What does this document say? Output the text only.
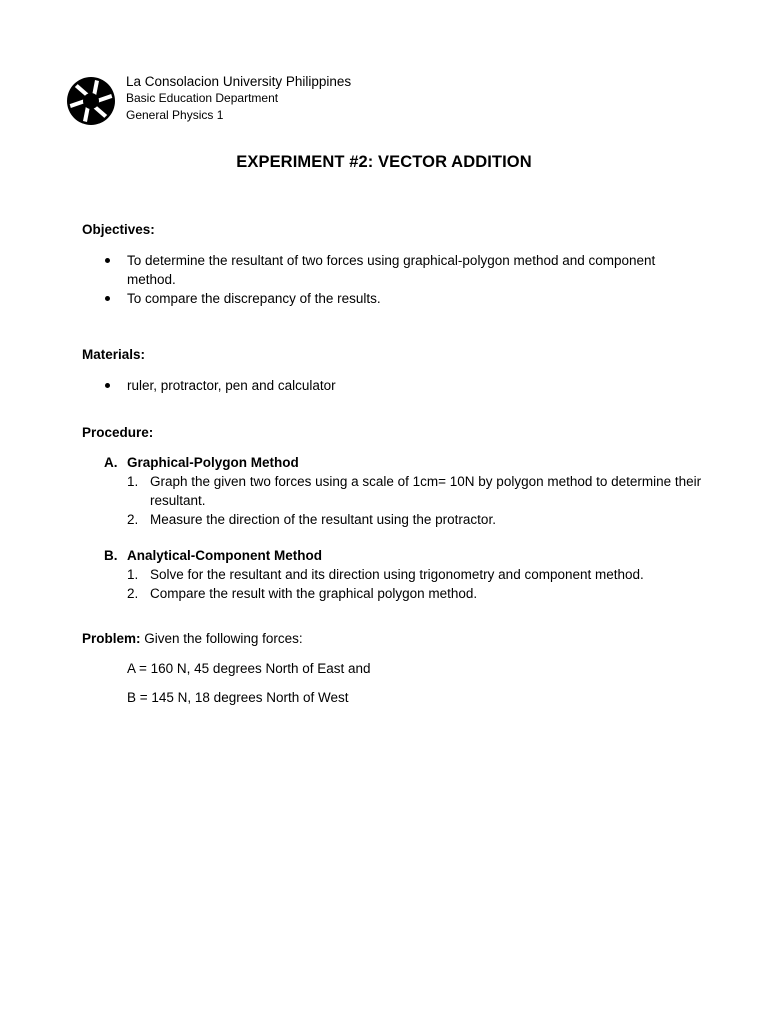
La Consolacion University Philippines
Basic Education Department
General Physics 1
EXPERIMENT #2: VECTOR ADDITION
Objectives:
To determine the resultant of two forces using graphical-polygon method and component method.
To compare the discrepancy of the results.
Materials:
ruler, protractor, pen and calculator
Procedure:
A. Graphical-Polygon Method
1. Graph the given two forces using a scale of 1cm= 10N by polygon method to determine their resultant.
2. Measure the direction of the resultant using the protractor.
B. Analytical-Component Method
1. Solve for the resultant and its direction using trigonometry and component method.
2. Compare the result with the graphical polygon method.
Problem: Given the following forces:
A = 160 N, 45 degrees North of East and
B = 145 N, 18 degrees North of West
